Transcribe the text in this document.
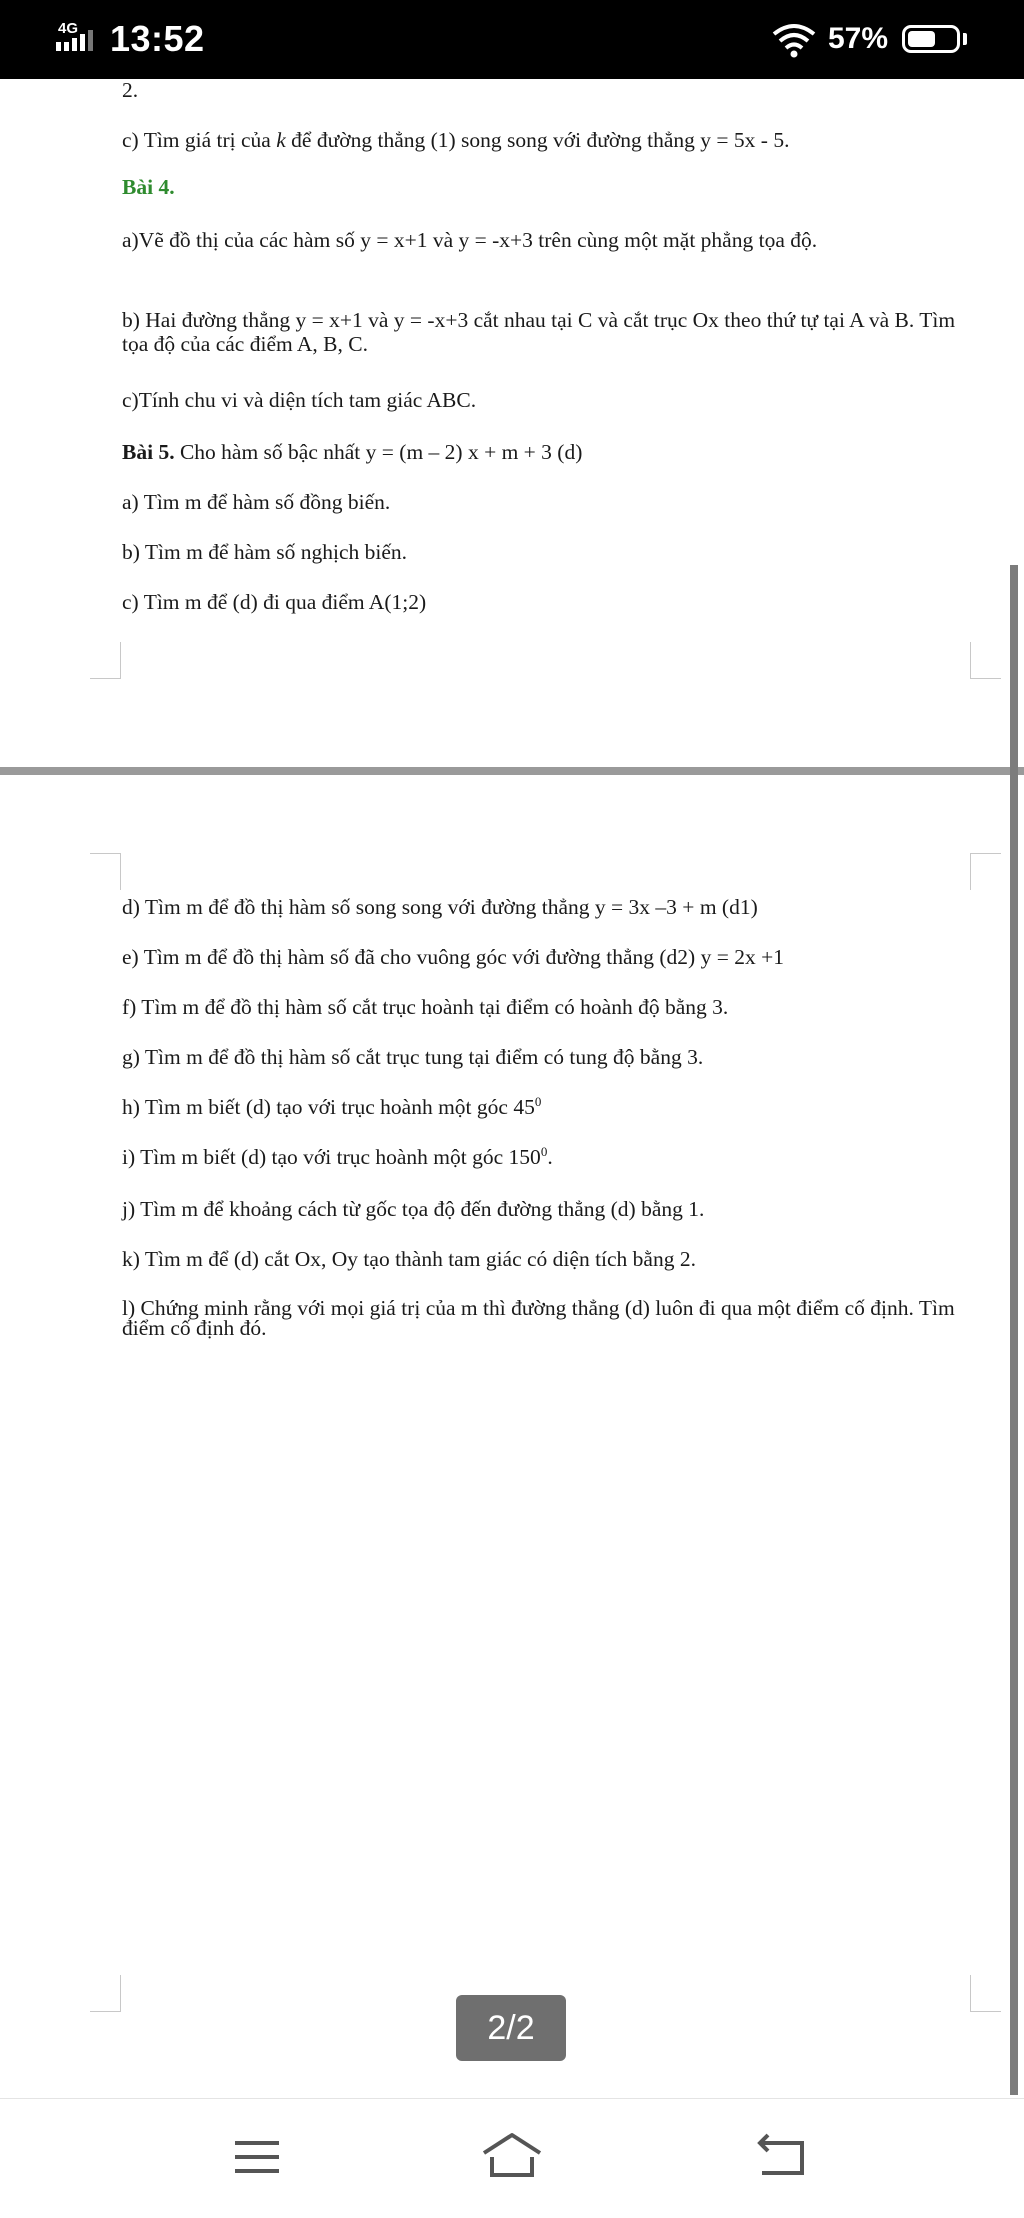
4G 13:52	57%
2.
c) Tìm giá trị của k để đường thẳng (1) song song với đường thẳng y = 5x - 5.
Bài 4.
a)Vẽ đồ thị của các hàm số y = x+1 và y = -x+3 trên cùng một mặt phẳng tọa độ.
b) Hai đường thẳng y = x+1 và y = -x+3 cắt nhau tại C và cắt trục Ox theo thứ tự tại A và B. Tìm tọa độ của các điểm A, B, C.
c)Tính chu vi và diện tích tam giác ABC.
Bài 5. Cho hàm số bậc nhất y = (m – 2) x + m + 3 (d)
a) Tìm m để hàm số đồng biến.
b) Tìm m để hàm số nghịch biến.
c) Tìm m để (d) đi qua điểm A(1;2)
d) Tìm m để đồ thị hàm số song song với đường thẳng y = 3x –3 + m (d1)
e) Tìm m để đồ thị hàm số đã cho vuông góc với đường thẳng (d2) y = 2x +1
f) Tìm m để đồ thị hàm số cắt trục hoành tại điểm có hoành độ bằng 3.
g) Tìm m để đồ thị hàm số cắt trục tung tại điểm có tung độ bằng 3.
h) Tìm m biết (d) tạo với trục hoành một góc $45^0$
i) Tìm m biết (d) tạo với trục hoành một góc $150^0$.
j) Tìm m để khoảng cách từ gốc tọa độ đến đường thẳng (d) bằng 1.
k) Tìm m để (d) cắt Ox, Oy tạo thành tam giác có diện tích bằng 2.
l) Chứng minh rằng với mọi giá trị của m thì đường thẳng (d) luôn đi qua một điểm cố định. Tìm điểm cố định đó.
2/2
